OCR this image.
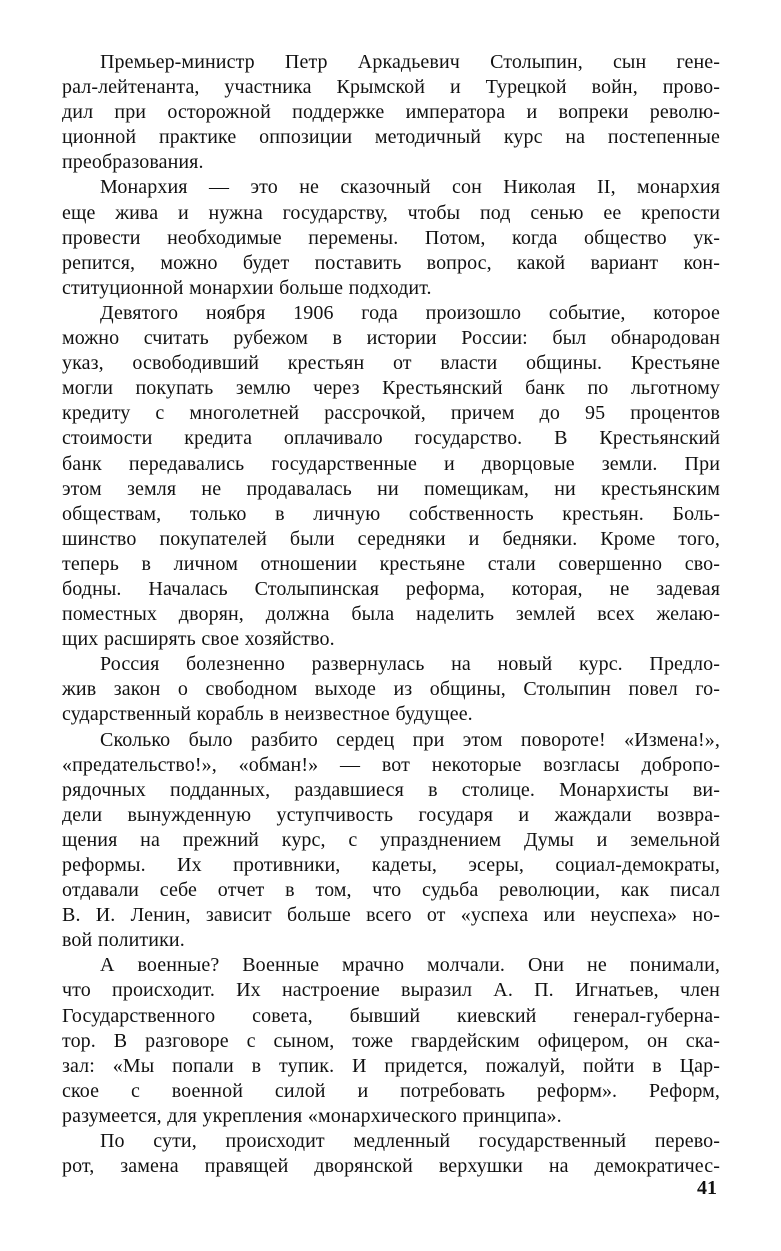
Премьер-министр Петр Аркадьевич Столыпин, сын гене-
рал-лейтенанта, участника Крымской и Турецкой войн, прово-
дил при осторожной поддержке императора и вопреки револю-
ционной практике оппозиции методичный курс на постепенные
преобразования.
Монархия — это не сказочный сон Николая II, монархия
еще жива и нужна государству, чтобы под сенью ее крепости
провести необходимые перемены. Потом, когда общество ук-
репится, можно будет поставить вопрос, какой вариант кон-
ституционной монархии больше подходит.
Девятого ноября 1906 года произошло событие, которое
можно считать рубежом в истории России: был обнародован
указ, освободивший крестьян от власти общины. Крестьяне
могли покупать землю через Крестьянский банк по льготному
кредиту с многолетней рассрочкой, причем до 95 процентов
стоимости кредита оплачивало государство. В Крестьянский
банк передавались государственные и дворцовые земли. При
этом земля не продавалась ни помещикам, ни крестьянским
обществам, только в личную собственность крестьян. Боль-
шинство покупателей были середняки и бедняки. Кроме того,
теперь в личном отношении крестьяне стали совершенно сво-
бодны. Началась Столыпинская реформа, которая, не задевая
поместных дворян, должна была наделить землей всех желаю-
щих расширять свое хозяйство.
Россия болезненно развернулась на новый курс. Предло-
жив закон о свободном выходе из общины, Столыпин повел го-
сударственный корабль в неизвестное будущее.
Сколько было разбито сердец при этом повороте! «Измена!»,
«предательство!», «обман!» — вот некоторые возгласы добропо-
рядочных подданных, раздавшиеся в столице. Монархисты ви-
дели вынужденную уступчивость государя и жаждали возвра-
щения на прежний курс, с упразднением Думы и земельной
реформы. Их противники, кадеты, эсеры, социал-демократы,
отдавали себе отчет в том, что судьба революции, как писал
В. И. Ленин, зависит больше всего от «успеха или неуспеха» но-
вой политики.
А военные? Военные мрачно молчали. Они не понимали,
что происходит. Их настроение выразил А. П. Игнатьев, член
Государственного совета, бывший киевский генерал-губерна-
тор. В разговоре с сыном, тоже гвардейским офицером, он ска-
зал: «Мы попали в тупик. И придется, пожалуй, пойти в Цар-
ское с военной силой и потребовать реформ». Реформ,
разумеется, для укрепления «монархического принципа».
По сути, происходит медленный государственный перево-
рот, замена правящей дворянской верхушки на демократичес-
41
